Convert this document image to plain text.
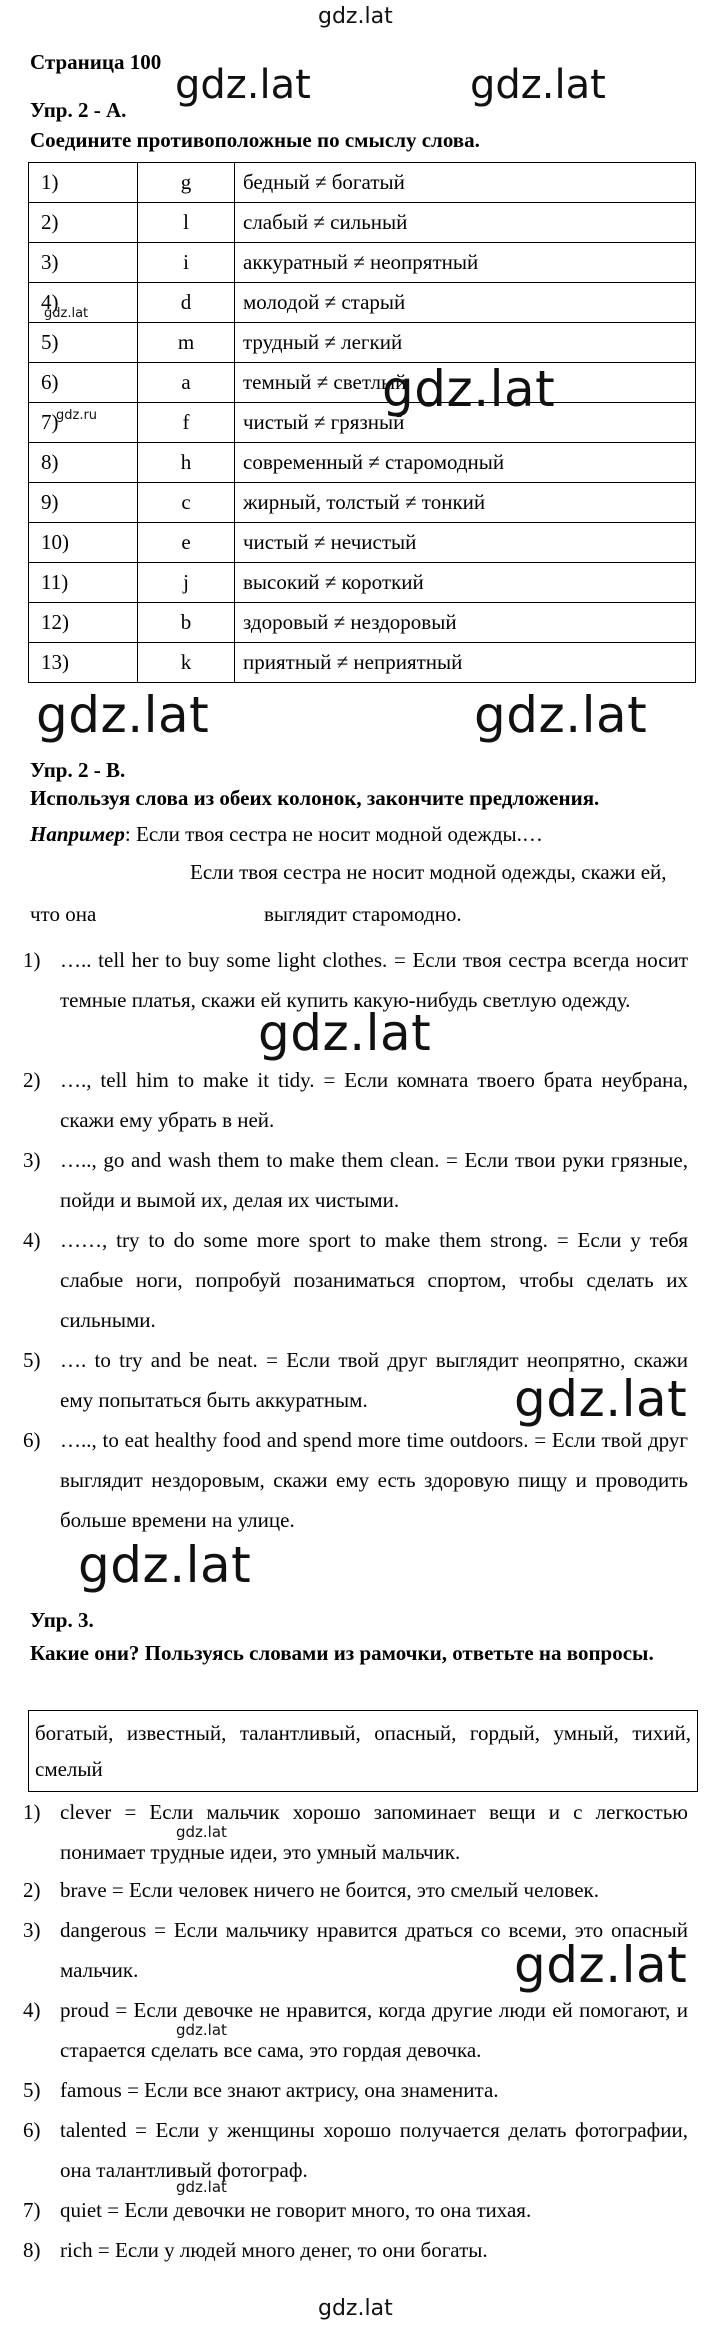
gdz.lat
gdz.lat
Страница 100 gdz.lat	gdz.lat
Упр. 2 - A.
Соедините противоположные по смыслу слова.
1)	g	бедный ≠ богатый
2)	l	слабый ≠ сильный
3)	i	аккуратный ≠ неопрятный
4)	d	молодой ≠ старый
5)	m	трудный ≠ легкий
6)	a	темный ≠ светлый
7)	f	чистый ≠ грязный
8)	h	современный ≠ старомодный
9)	c	жирный, толстый ≠ тонкий
10)	e	чистый ≠ нечистый
11)	j	высокий ≠ короткий
12)	b	здоровый ≠ нездоровый
13)	k	приятный ≠ неприятный
gdz.lat
gdz.ru	gdz.lat
gdz.lat	gdz.lat
Упр. 2 - B.
Используя слова из обеих колонок, закончите предложения.
Например: Если твоя сестра не носит модной одежды.…
Если твоя сестра не носит модной одежды, скажи ей,
что она	выглядит старомодно.
1) ….. tell her to buy some light clothes. = Если твоя сестра всегда носит темные платья, скажи ей купить какую-нибудь светлую одежду.
2) …., tell him to make it tidy. = Если комната твоего брата неубрана, скажи ему убрать в ней.
3) ….., go and wash them to make them clean. = Если твои руки грязные, пойди и вымой их, делая их чистыми.
4) ……, try to do some more sport to make them strong. = Если у тебя слабые ноги, попробуй позаниматься спортом, чтобы сделать их сильными.
5) …. to try and be neat. = Если твой друг выглядит неопрятно, скажи ему попытаться быть аккуратным.
6) ….., to eat healthy food and spend more time outdoors. = Если твой друг выглядит нездоровым, скажи ему есть здоровую пищу и проводить больше времени на улице.
gdz.lat
gdz.lat
gdz.lat
Упр. 3.
Какие они? Пользуясь словами из рамочки, ответьте на вопросы.
богатый, известный, талантливый, опасный, гордый, умный, тихий, смелый
1) clever = Если мальчик хорошо запоминает вещи и с легкостью понимает трудные идеи, это умный мальчик.
2) brave = Если человек ничего не боится, это смелый человек.
3) dangerous = Если мальчику нравится драться со всеми, это опасный мальчик.
4) proud = Если девочке не нравится, когда другие люди ей помогают, и старается сделать все сама, это гордая девочка.
5) famous = Если все знают актрису, она знаменита.
6) talented = Если у женщины хорошо получается делать фотографии, она талантливый фотограф.
7) quiet = Если девочки не говорит много, то она тихая.
8) rich = Если у людей много денег, то они богаты.
gdz.lat
gdz.lat
gdz.lat
gdz.lat
